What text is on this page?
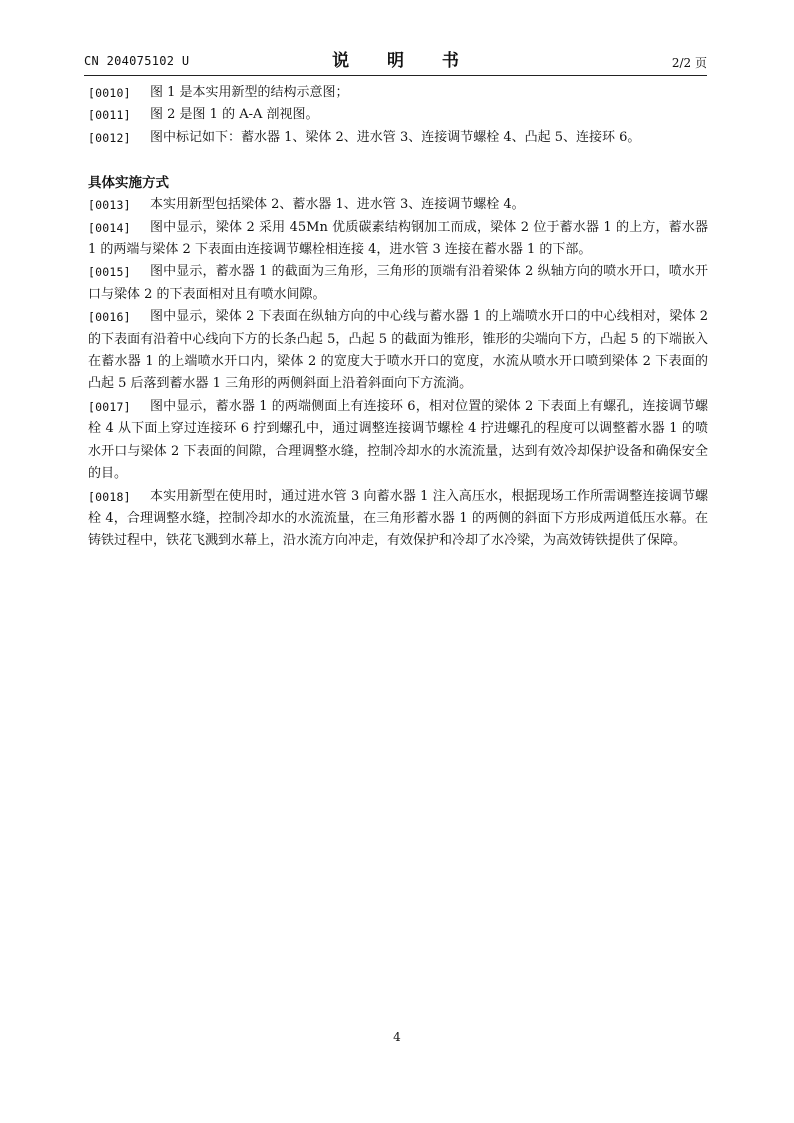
CN 204075102 U	说 明 书	2/2 页
[0010]	图 1 是本实用新型的结构示意图；
[0011]	图 2 是图 1 的 A-A 剖视图。
[0012]	图中标记如下：蓄水器 1、梁体 2、进水管 3、连接调节螺栓 4、凸起 5、连接环 6。
具体实施方式
[0013]	本实用新型包括梁体 2、蓄水器 1、进水管 3、连接调节螺栓 4。
[0014]	图中显示，梁体 2 采用 45Mn 优质碳素结构钢加工而成，梁体 2 位于蓄水器 1 的上方，蓄水器 1 的两端与梁体 2 下表面由连接调节螺栓相连接 4，进水管 3 连接在蓄水器 1 的下部。
[0015]	图中显示，蓄水器 1 的截面为三角形，三角形的顶端有沿着梁体 2 纵轴方向的喷水开口，喷水开口与梁体 2 的下表面相对且有喷水间隙。
[0016]	图中显示，梁体 2 下表面在纵轴方向的中心线与蓄水器 1 的上端喷水开口的中心线相对，梁体 2 的下表面有沿着中心线向下方的长条凸起 5，凸起 5 的截面为锥形，锥形的尖端向下方，凸起 5 的下端嵌入在蓄水器 1 的上端喷水开口内，梁体 2 的宽度大于喷水开口的宽度，水流从喷水开口喷到梁体 2 下表面的凸起 5 后落到蓄水器 1 三角形的两侧斜面上沿着斜面向下方流淌。
[0017]	图中显示，蓄水器 1 的两端侧面上有连接环 6，相对位置的梁体 2 下表面上有螺孔，连接调节螺栓 4 从下面上穿过连接环 6 拧到螺孔中，通过调整连接调节螺栓 4 拧进螺孔的程度可以调整蓄水器 1 的喷水开口与梁体 2 下表面的间隙，合理调整水缝，控制冷却水的水流流量，达到有效冷却保护设备和确保安全的目。
[0018]	本实用新型在使用时，通过进水管 3 向蓄水器 1 注入高压水，根据现场工作所需调整连接调节螺栓 4，合理调整水缝，控制冷却水的水流流量，在三角形蓄水器 1 的两侧的斜面下方形成两道低压水幕。在铸铁过程中，铁花飞溅到水幕上，沿水流方向冲走，有效保护和冷却了水冷梁，为高效铸铁提供了保障。
4
